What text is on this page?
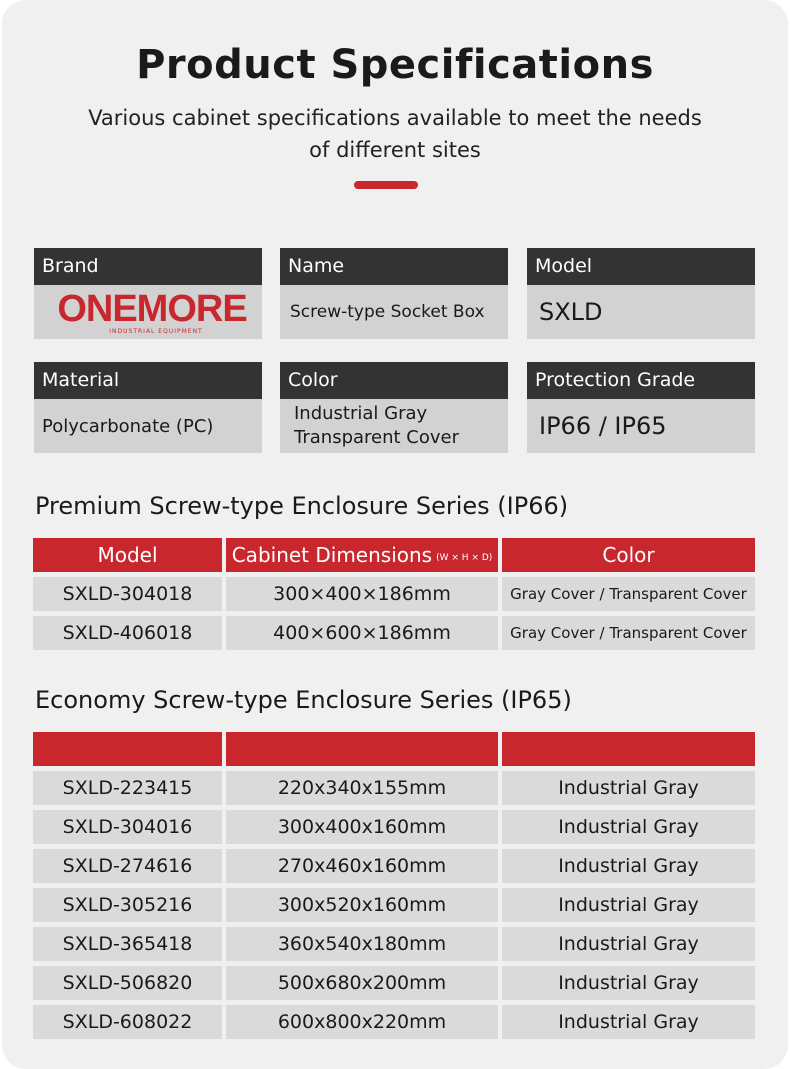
Product Specifications
Various cabinet specifications available to meet the needs
of different sites
Brand
ONEMORE
INDUSTRIAL EQUIPMENT
Name
Screw-type Socket Box
Model
SXLD
Material
Polycarbonate (PC)
Color
Industrial Gray
Transparent Cover
Protection Grade
IP66 / IP65
Premium Screw-type Enclosure Series (IP66)
Model	Cabinet Dimensions (W × H × D)	Color
SXLD-304018	300×400×186mm	Gray Cover / Transparent Cover
SXLD-406018	400×600×186mm	Gray Cover / Transparent Cover
Economy Screw-type Enclosure Series (IP65)
SXLD-223415	220x340x155mm	Industrial Gray
SXLD-304016	300x400x160mm	Industrial Gray
SXLD-274616	270x460x160mm	Industrial Gray
SXLD-305216	300x520x160mm	Industrial Gray
SXLD-365418	360x540x180mm	Industrial Gray
SXLD-506820	500x680x200mm	Industrial Gray
SXLD-608022	600x800x220mm	Industrial Gray
